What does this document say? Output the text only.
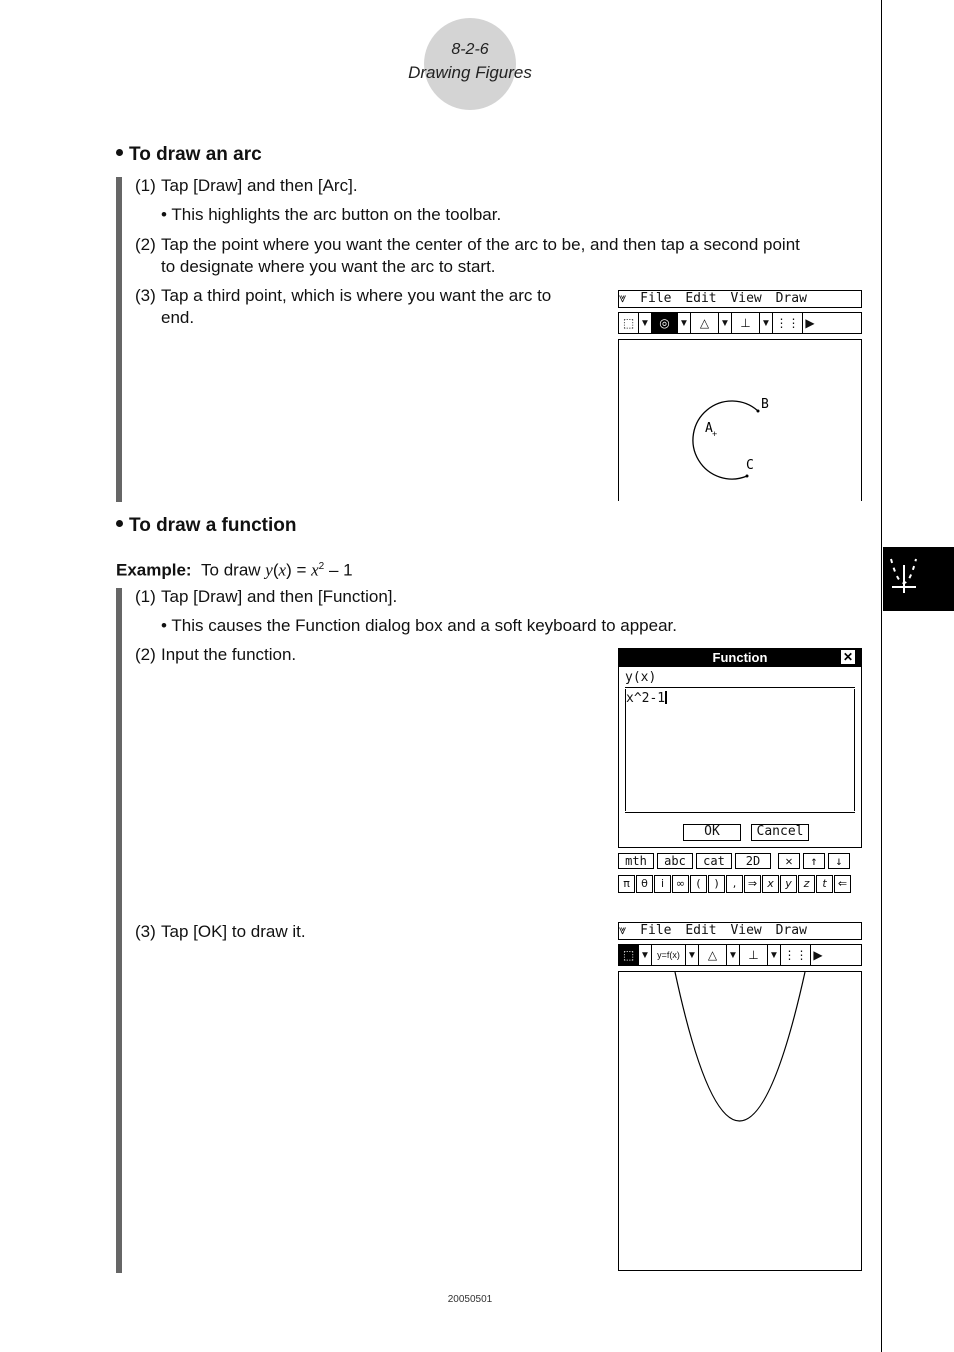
8-2-6
Drawing Figures
To draw an arc
(1) Tap [Draw] and then [Arc].
• This highlights the arc button on the toolbar.
(2) Tap the point where you want the center of the arc to be, and then tap a second point
to designate where you want the arc to start.
(3) Tap a third point, which is where you want the arc to
end.
⩔ File Edit View Draw
⬚ ▼ ◎ ▼ △	▼ ⊥	▼ ⋮⋮ ▶
A +
B
C
To draw a function
Example: To draw $y(x) = x^2 - 1$
(1) Tap [Draw] and then [Function].
• This causes the Function dialog box and a soft keyboard to appear.
(2) Input the function.
(3) Tap [OK] to draw it.
Function	✕
y(x)
x^2-1
OK	Cancel
mth	abc	cat	2D	✕	↑	↓
π	θ	i	∞	(	)	,	⇒ x	y	z	t	⇐
⩔ File Edit View Draw
⬚ ▼ y=f(x) ▼ △	▼ ⊥	▼ ⋮⋮ ▶
20050501
